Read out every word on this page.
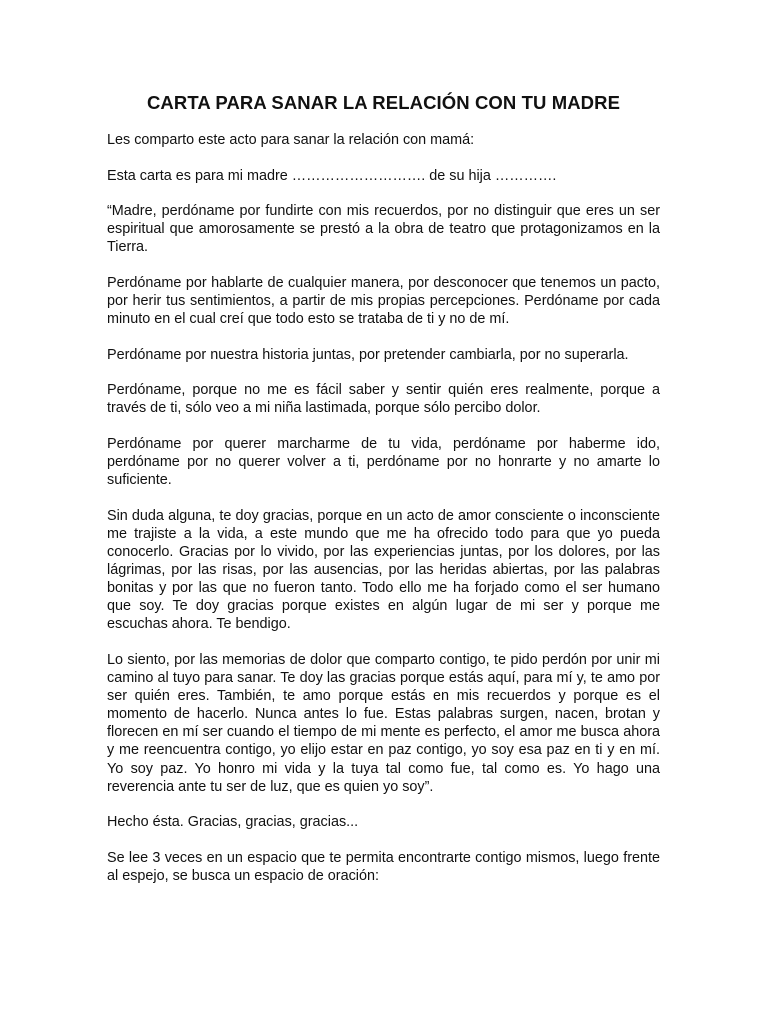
CARTA PARA SANAR LA RELACIÓN CON TU MADRE

Les comparto este acto para sanar la relación con mamá:

Esta carta es para mi madre ………………………. de su hija ………….

“Madre, perdóname por fundirte con mis recuerdos, por no distinguir que eres un ser espiritual que amorosamente se prestó a la obra de teatro que protagonizamos en la Tierra.

Perdóname por hablarte de cualquier manera, por desconocer que tenemos un pacto, por herir tus sentimientos, a partir de mis propias percepciones. Perdóname por cada minuto en el cual creí que todo esto se trataba de ti y no de mí.

Perdóname por nuestra historia juntas, por pretender cambiarla, por no superarla.

Perdóname, porque no me es fácil saber y sentir quién eres realmente, porque a través de ti, sólo veo a mi niña lastimada, porque sólo percibo dolor.

Perdóname por querer marcharme de tu vida, perdóname por haberme ido, perdóname por no querer volver a ti, perdóname por no honrarte y no amarte lo suficiente.

Sin duda alguna, te doy gracias, porque en un acto de amor consciente o inconsciente me trajiste a la vida, a este mundo que me ha ofrecido todo para que yo pueda conocerlo. Gracias por lo vivido, por las experiencias juntas, por los dolores, por las lágrimas, por las risas, por las ausencias, por las heridas abiertas, por las palabras bonitas y por las que no fueron tanto. Todo ello me ha forjado como el ser humano que soy. Te doy gracias porque existes en algún lugar de mi ser y porque me escuchas ahora. Te bendigo.

Lo siento, por las memorias de dolor que comparto contigo, te pido perdón por unir mi camino al tuyo para sanar. Te doy las gracias porque estás aquí, para mí y, te amo por ser quién eres. También, te amo porque estás en mis recuerdos y porque es el momento de hacerlo. Nunca antes lo fue. Estas palabras surgen, nacen, brotan y florecen en mí ser cuando el tiempo de mi mente es perfecto, el amor me busca ahora y me reencuentra contigo, yo elijo estar en paz contigo, yo soy esa paz en ti y en mí. Yo soy paz. Yo honro mi vida y la tuya tal como fue, tal como es. Yo hago una reverencia ante tu ser de luz, que es quien yo soy”.

Hecho ésta. Gracias, gracias, gracias...

Se lee 3 veces en un espacio que te permita encontrarte contigo mismos, luego frente al espejo, se busca un espacio de oración:
